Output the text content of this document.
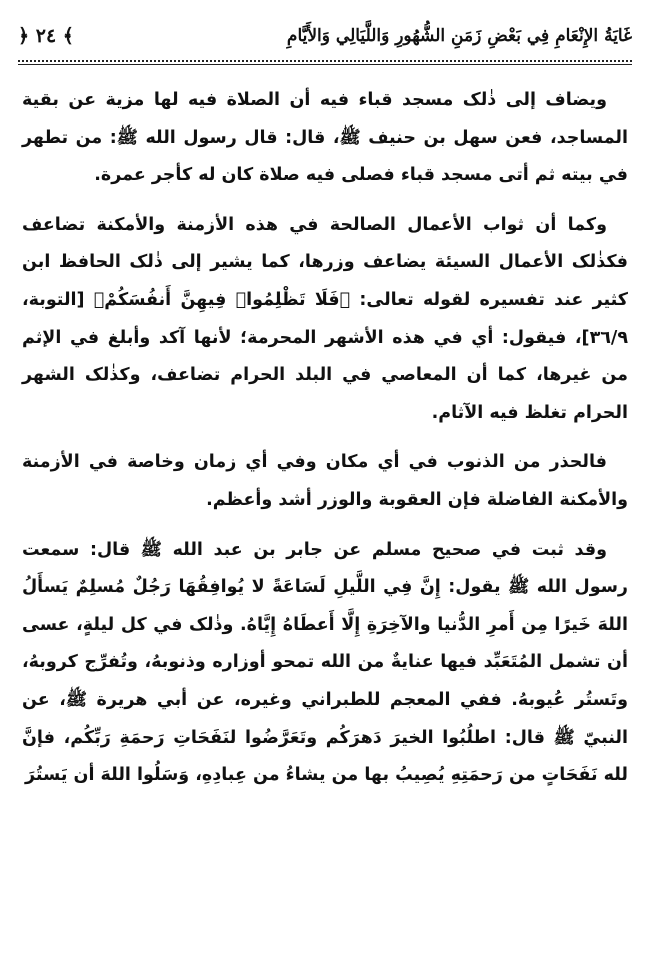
غَايَةُ الإِنْعَامِ فِي بَعْضِ زَمَنِ الشُّهُورِ وَاللَّيَالِي وَالأَيَّامِ
﴾ ٢٤ ﴿

ويضاف إلى ذٰلک مسجد قباء فيه أن الصلاة فيه لها مزية عن بقية المساجد، فعن سهل بن حنيف ﷺ، قال: قال رسول الله ﷺ: من تطهر في بيته ثم أتى مسجد قباء فصلى فيه صلاة كان له كأجر عمرة.

وكما أن ثواب الأعمال الصالحة في هذه الأزمنة والأمكنة تضاعف فكذٰلک الأعمال السيئة يضاعف وزرها، كما يشير إلى ذٰلک الحافظ ابن كثير عند تفسيره لقوله تعالى: ﴿فَلَا تَظْلِمُوا۟ فِيهِنَّ أَنفُسَكُمْ﴾ [التوبة، ٣٦/٩]، فيقول: أي في هذه الأشهر المحرمة؛ لأنها آكد وأبلغ في الإثم من غيرها، كما أن المعاصي في البلد الحرام تضاعف، وكذٰلک الشهر الحرام تغلظ فيه الآثام.

فالحذر من الذنوب في أي مكان وفي أي زمان وخاصة في الأزمنة والأمكنة الفاضلة فإن العقوبة والوزر أشد وأعظم.

وقد ثبت في صحيح مسلم عن جابر بن عبد الله ﷺ قال: سمعت رسول الله ﷺ يقول: إِنَّ فِي اللَّيلِ لَسَاعَةً لا يُوافِقُهَا رَجُلٌ مُسلِمٌ يَسأَلُ اللهَ خَيرًا مِن أَمرِ الدُّنيا والآخِرَةِ إِلَّا أَعطَاهُ إِيَّاهُ. وذٰلک في كل ليلةٍ، عسى أن تشمل المُتَعَبِّد فيها عنايةٌ من الله تمحو أوزاره وذنوبهُ، وتُفرِّج كروبهُ، وتَستُر عُيوبهُ. ففي المعجم للطبراني وغيره، عن أبي هريرة ﷺ، عن النبيّ ﷺ قال: اطلُبُوا الخيرَ دَهرَكُم وتَعَرَّضُوا لنَفَحَاتِ رَحمَةِ رَبِّكُم، فإنَّ لله نَفَحَاتٍ من رَحمَتِهِ يُصِيبُ بها من يشاءُ من عِبادِهِ، وَسَلُوا اللهَ أن يَستُرَ
